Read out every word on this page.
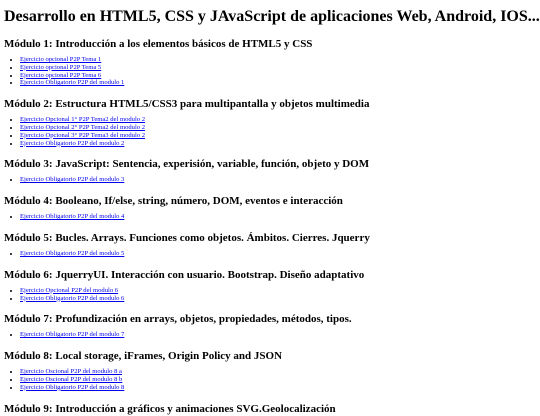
Desarrollo en HTML5, CSS y JAvaScript de aplicaciones Web, Android, IOS...
Módulo 1: Introducción a los elementos básicos de HTML5 y CSS
• Ejercicio opcional P2P Tema 1
• Ejercicio opcional P2P Tema 5
• Ejercicio opcional P2P Tema 6
• Ejercicio Obligatorio P2P del modulo 1
Módulo 2: Estructura HTML5/CSS3 para multipantalla y objetos multimedia
• Ejercicio Opcional 1° P2P Tema2 del modulo 2
• Ejercicio Opcional 2° P2P Tema2 del modulo 2
• Ejercicio Opcional 3° P2P Tema3 del modulo 2
• Ejercicio Obligatorio P2P del modulo 2
Módulo 3: JavaScript: Sentencia, experisión, variable, función, objeto y DOM
• Ejercicio Obligatorio P2P del modulo 3
Módulo 4: Booleano, If/else, string, número, DOM, eventos e interacción
• Ejercicio Obligatorio P2P del modulo 4
Módulo 5: Bucles. Arrays. Funciones como objetos. Ámbitos. Cierres. Jquerry
• Ejercicio Obligatorio P2P del modulo 5
Módulo 6: JquerryUI. Interacción con usuario. Bootstrap. Diseño adaptativo
• Ejercicio Opcional P2P del modulo 6
• Ejercicio Obligatorio P2P del modulo 6
Módulo 7: Profundización en arrays, objetos, propiedades, métodos, tipos.
• Ejercicio Obligatorio P2P del modulo 7
Módulo 8: Local storage, iFrames, Origin Policy and JSON
• Ejercicio Oscional P2P del modulo 8 a
• Ejercicio Oscional P2P del modulo 8 b
• Ejercicio Obligatorio P2P del modulo 8
Módulo 9: Introducción a gráficos y animaciones SVG.Geolocalización
